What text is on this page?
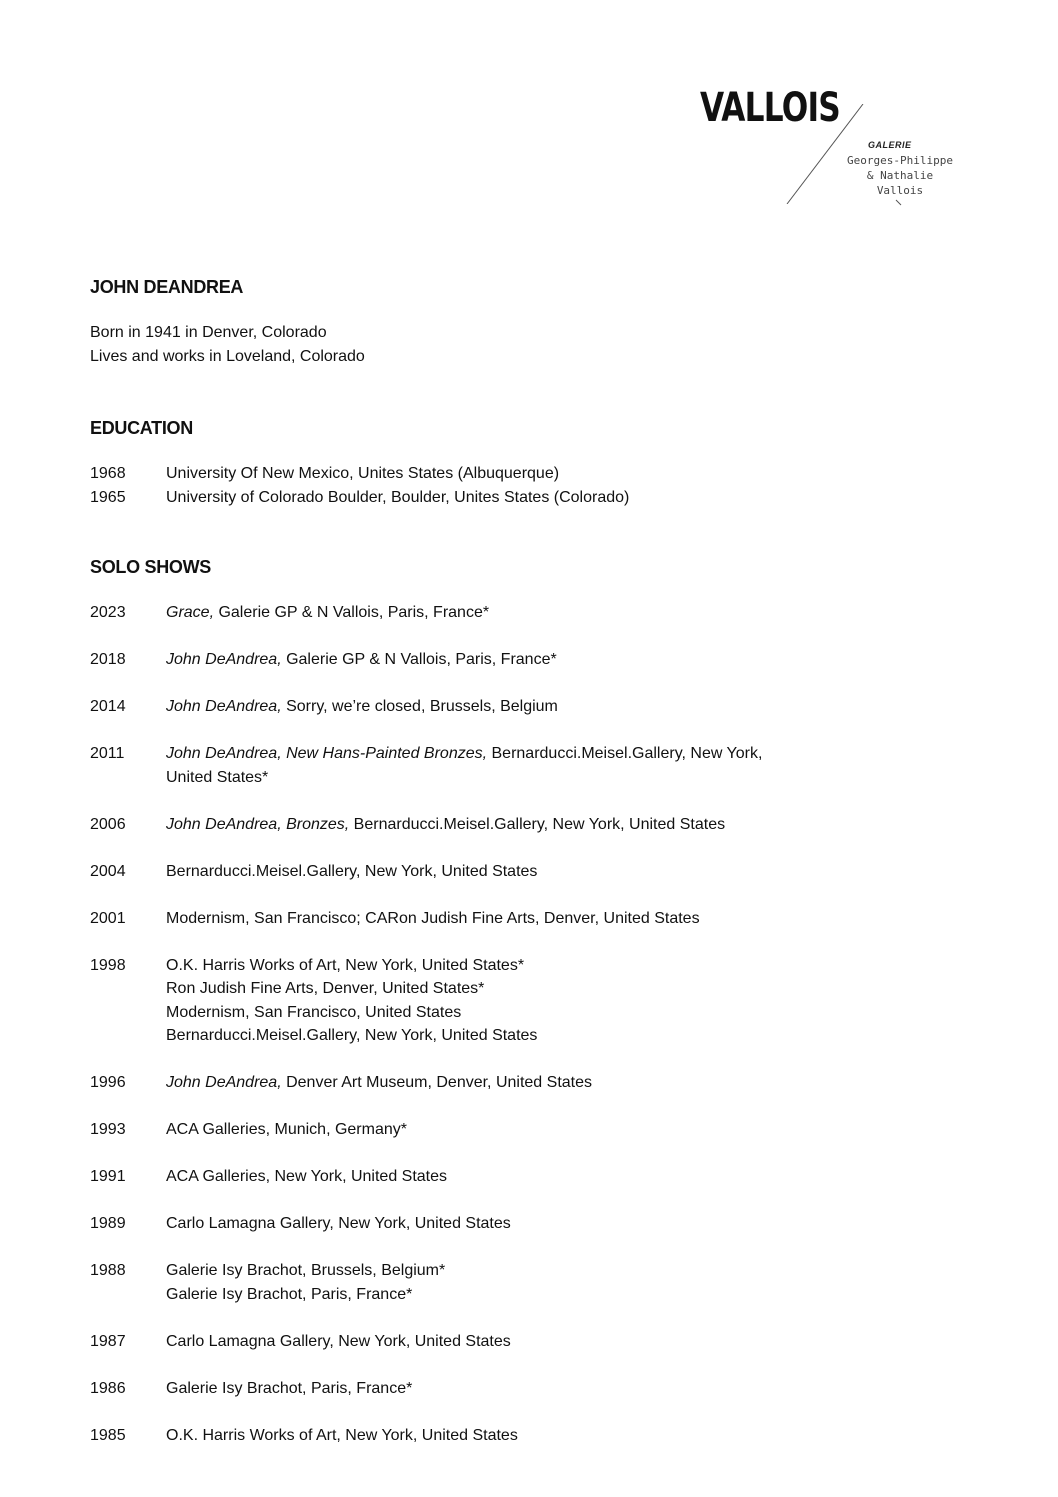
VALLOIS
GALERIE
Georges-Philippe
& Nathalie
Vallois
JOHN DEANDREA
Born in 1941 in Denver, Colorado
Lives and works in Loveland, Colorado
EDUCATION
1968	University Of New Mexico, Unites States (Albuquerque)
1965	University of Colorado Boulder, Boulder, Unites States (Colorado)
SOLO SHOWS
2023	Grace, Galerie GP & N Vallois, Paris, France*
2018	John DeAndrea, Galerie GP & N Vallois, Paris, France*
2014	John DeAndrea, Sorry, we’re closed, Brussels, Belgium
2011	John DeAndrea, New Hans-Painted Bronzes, Bernarducci.Meisel.Gallery, New York,
United States*
2006	John DeAndrea, Bronzes, Bernarducci.Meisel.Gallery, New York, United States
2004	Bernarducci.Meisel.Gallery, New York, United States
2001	Modernism, San Francisco; CARon Judish Fine Arts, Denver, United States
1998	O.K. Harris Works of Art, New York, United States*
Ron Judish Fine Arts, Denver, United States*
Modernism, San Francisco, United States
Bernarducci.Meisel.Gallery, New York, United States
1996	John DeAndrea, Denver Art Museum, Denver, United States
1993	ACA Galleries, Munich, Germany*
1991	ACA Galleries, New York, United States
1989	Carlo Lamagna Gallery, New York, United States
1988	Galerie Isy Brachot, Brussels, Belgium*
Galerie Isy Brachot, Paris, France*
1987	Carlo Lamagna Gallery, New York, United States
1986	Galerie Isy Brachot, Paris, France*
1985	O.K. Harris Works of Art, New York, United States
